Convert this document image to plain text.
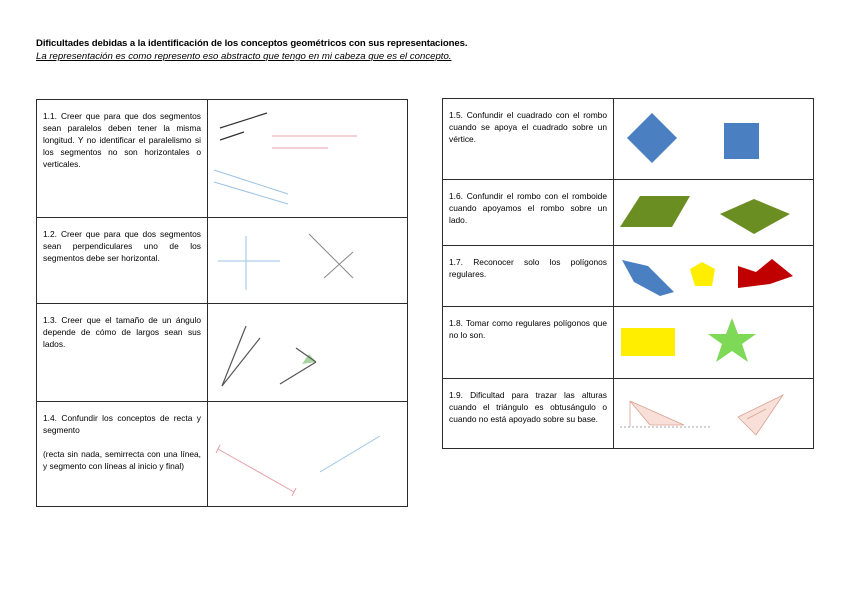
Dificultades debidas a la identificación de los conceptos geométricos con sus representaciones.
La representación es como represento eso abstracto que tengo en mi cabeza que es el concepto.
1.1. Creer que para que dos segmentos sean paralelos deben tener la misma longitud. Y no identificar el paralelismo si los segmentos no son horizontales o verticales.	

1.2. Creer que para que dos segmentos sean perpendiculares uno de los segmentos debe ser horizontal.	

1.3. Creer que el tamaño de un ángulo depende de cómo de largos sean sus lados.	

1.4. Confundir los conceptos de recta y segmento
(recta sin nada, semirrecta con una línea, y segmento con líneas al inicio y final)

1.5. Confundir el cuadrado con el rombo cuando se apoya el cuadrado sobre un vértice.	

1.6. Confundir el rombo con el romboide cuando apoyamos el rombo sobre un lado.	

1.7. Reconocer solo los polígonos regulares.	

1.8. Tomar como regulares polígonos que no lo son.	

1.9. Dificultad para trazar las alturas cuando el triángulo es obtusángulo o cuando no está apoyado sobre su base.	
